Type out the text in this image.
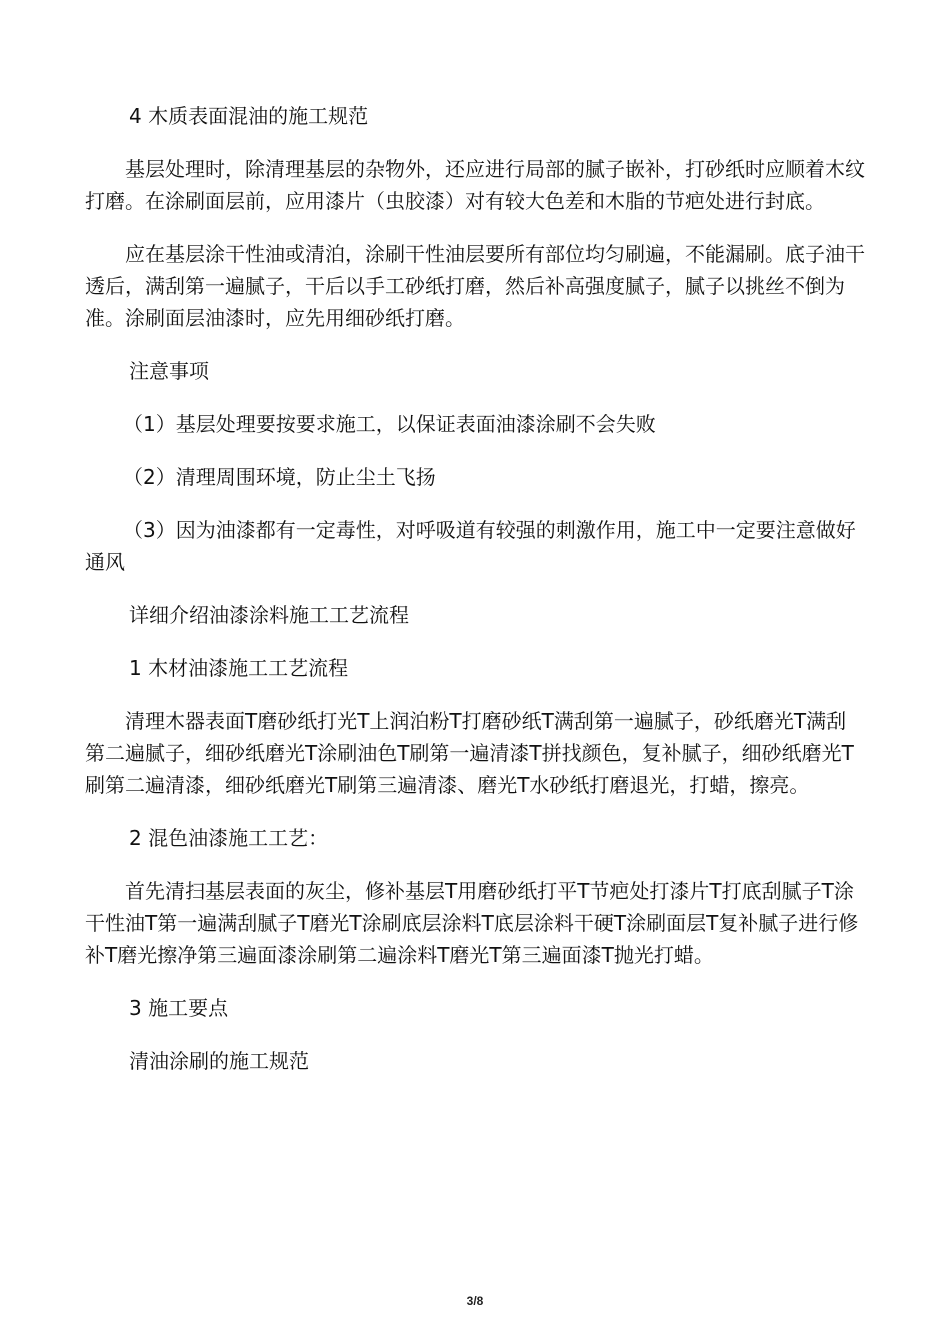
4 木质表面混油的施工规范

基层处理时，除清理基层的杂物外，还应进行局部的腻子嵌补，打砂纸时应顺着木纹打磨。在涂刷面层前，应用漆片（虫胶漆）对有较大色差和木脂的节疤处进行封底。

应在基层涂干性油或清泊，涂刷干性油层要所有部位均匀刷遍，不能漏刷。底子油干透后，满刮第一遍腻子，干后以手工砂纸打磨，然后补高强度腻子，腻子以挑丝不倒为准。涂刷面层油漆时，应先用细砂纸打磨。

注意事项

（1）基层处理要按要求施工，以保证表面油漆涂刷不会失败

（2）清理周围环境，防止尘土飞扬

（3）因为油漆都有一定毒性，对呼吸道有较强的刺激作用，施工中一定要注意做好通风

详细介绍油漆涂料施工工艺流程

1 木材油漆施工工艺流程

清理木器表面T磨砂纸打光T上润泊粉T打磨砂纸T满刮第一遍腻子，砂纸磨光T满刮第二遍腻子，细砂纸磨光T涂刷油色T刷第一遍清漆T拼找颜色，复补腻子，细砂纸磨光T刷第二遍清漆，细砂纸磨光T刷第三遍清漆、磨光T水砂纸打磨退光，打蜡，擦亮。

2 混色油漆施工工艺：

首先清扫基层表面的灰尘，修补基层T用磨砂纸打平T节疤处打漆片T打底刮腻子T涂干性油T第一遍满刮腻子T磨光T涂刷底层涂料T底层涂料干硬T涂刷面层T复补腻子进行修补T磨光擦净第三遍面漆涂刷第二遍涂料T磨光T第三遍面漆T抛光打蜡。

3 施工要点

清油涂刷的施工规范

3/8
